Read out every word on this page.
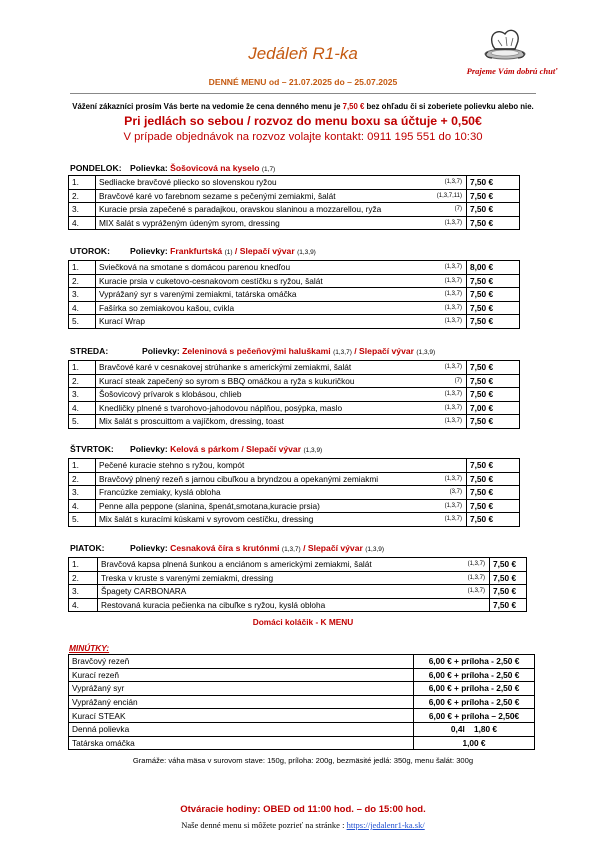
Jedáleň R1-ka
Prajeme Vám dobrú chuť
DENNÉ MENU od – 21.07.2025 do – 25.07.2025
Vážení zákazníci prosím Vás berte na vedomie že cena denného menu je 7,50 € bez ohľadu či si zoberiete polievku alebo nie.
Pri jedlách so sebou / rozvoz do menu boxu sa účtuje + 0,50€
V prípade objednávok na rozvoz volajte kontakt: 0911 195 551 do 10:30
PONDELOK: Polievka: Šošovicová na kyselo (1,7)
1.	Sedliacke bravčové pliecko so slovenskou ryžou (1,3,7)	7,50 €
2.	Bravčové karé vo farebnom sezame s pečenými zemiakmi, šalát (1,3,7,11)	7,50 €
3.	Kuracie prsia zapečené s paradajkou, oravskou slaninou a mozzarellou, ryža (7)	7,50 €
4.	MIX šalát s vypráženým údeným syrom, dressing (1,3,7)	7,50 €
UTOROK: Polievky: Frankfurtská (1) / Slepačí vývar (1,3,9)
1.	Sviečková na smotane s domácou parenou knedľou (1,3,7)	8,00 €
2.	Kuracie prsia v cuketovo-cesnakovom cestíčku s ryžou, šalát (1,3,7)	7,50 €
3.	Vyprážaný syr s varenými zemiakmi, tatárska omáčka (1,3,7)	7,50 €
4.	Fašírka so zemiakovou kašou, cvikla (1,3,7)	7,50 €
5.	Kurací Wrap (1,3,7)	7,50 €
STREDA:	Polievky: Zeleninová s pečeňovými haluškami (1,3,7) / Slepačí vývar (1,3,9)
1.	Bravčové karé v cesnakovej strúhanke s americkými zemiakmi, šalát (1,3,7)	7,50 €
2.	Kurací steak zapečený so syrom s BBQ omáčkou a ryža s kukuričkou (7)	7,50 €
3.	Šošovicový prívarok s klobásou, chlieb (1,3,7)	7,50 €
4.	Knedličky plnené s tvarohovo-jahodovou náplňou, posýpka, maslo (1,3,7)	7,00 €
5.	Mix šalát s proscuittom a vajíčkom, dressing, toast (1,3,7)	7,50 €
ŠTVRTOK: Polievky: Kelová s párkom / Slepačí vývar (1,3,9)
1.	Pečené kuracie stehno s ryžou, kompót	7,50 €
2.	Bravčový plnený rezeň s jarnou cibuľkou a bryndzou a opekanými zemiakmi (1,3,7)	7,50 €
3.	Francúzke zemiaky, kyslá obloha (3,7)	7,50 €
4.	Penne alla peppone (slanina, špenát,smotana,kuracie prsia) (1,3,7)	7,50 €
5.	Mix šalát s kuracími kúskami v syrovom cestíčku, dressing (1,3,7)	7,50 €
PIATOK:	Polievky: Cesnaková číra s krutónmi (1,3,7) / Slepačí vývar (1,3,9)
1.	Bravčová kapsa plnená šunkou a enciánom s americkými zemiakmi, šalát (1,3,7)	7,50 €
2.	Treska v kruste s varenými zemiakmi, dressing (1,3,7)	7,50 €
3.	Špagety CARBONARA (1,3,7)	7,50 €
4.	Restovaná kuracia pečienka na cibuľke s ryžou, kyslá obloha	7,50 €
Domáci koláčik - K MENU
MINÚTKY:
Bravčový rezeň	6,00 € + príloha - 2,50 €
Kurací rezeň	6,00 € + príloha - 2,50 €
Vyprážaný syr	6,00 € + príloha - 2,50 €
Vyprážaný encián	6,00 € + príloha - 2,50 €
Kurací STEAK	6,00 € + príloha – 2,50€
Denná polievka	0,4l    1,80 €
Tatárska omáčka	1,00 €
Gramáže: váha mäsa v surovom stave: 150g, príloha: 200g, bezmäsité jedlá: 350g, menu šalát: 300g
Otváracie hodiny: OBED od 11:00 hod. – do 15:00 hod.
Naše denné menu si môžete pozrieť na stránke : https://jedalenr1-ka.sk/
